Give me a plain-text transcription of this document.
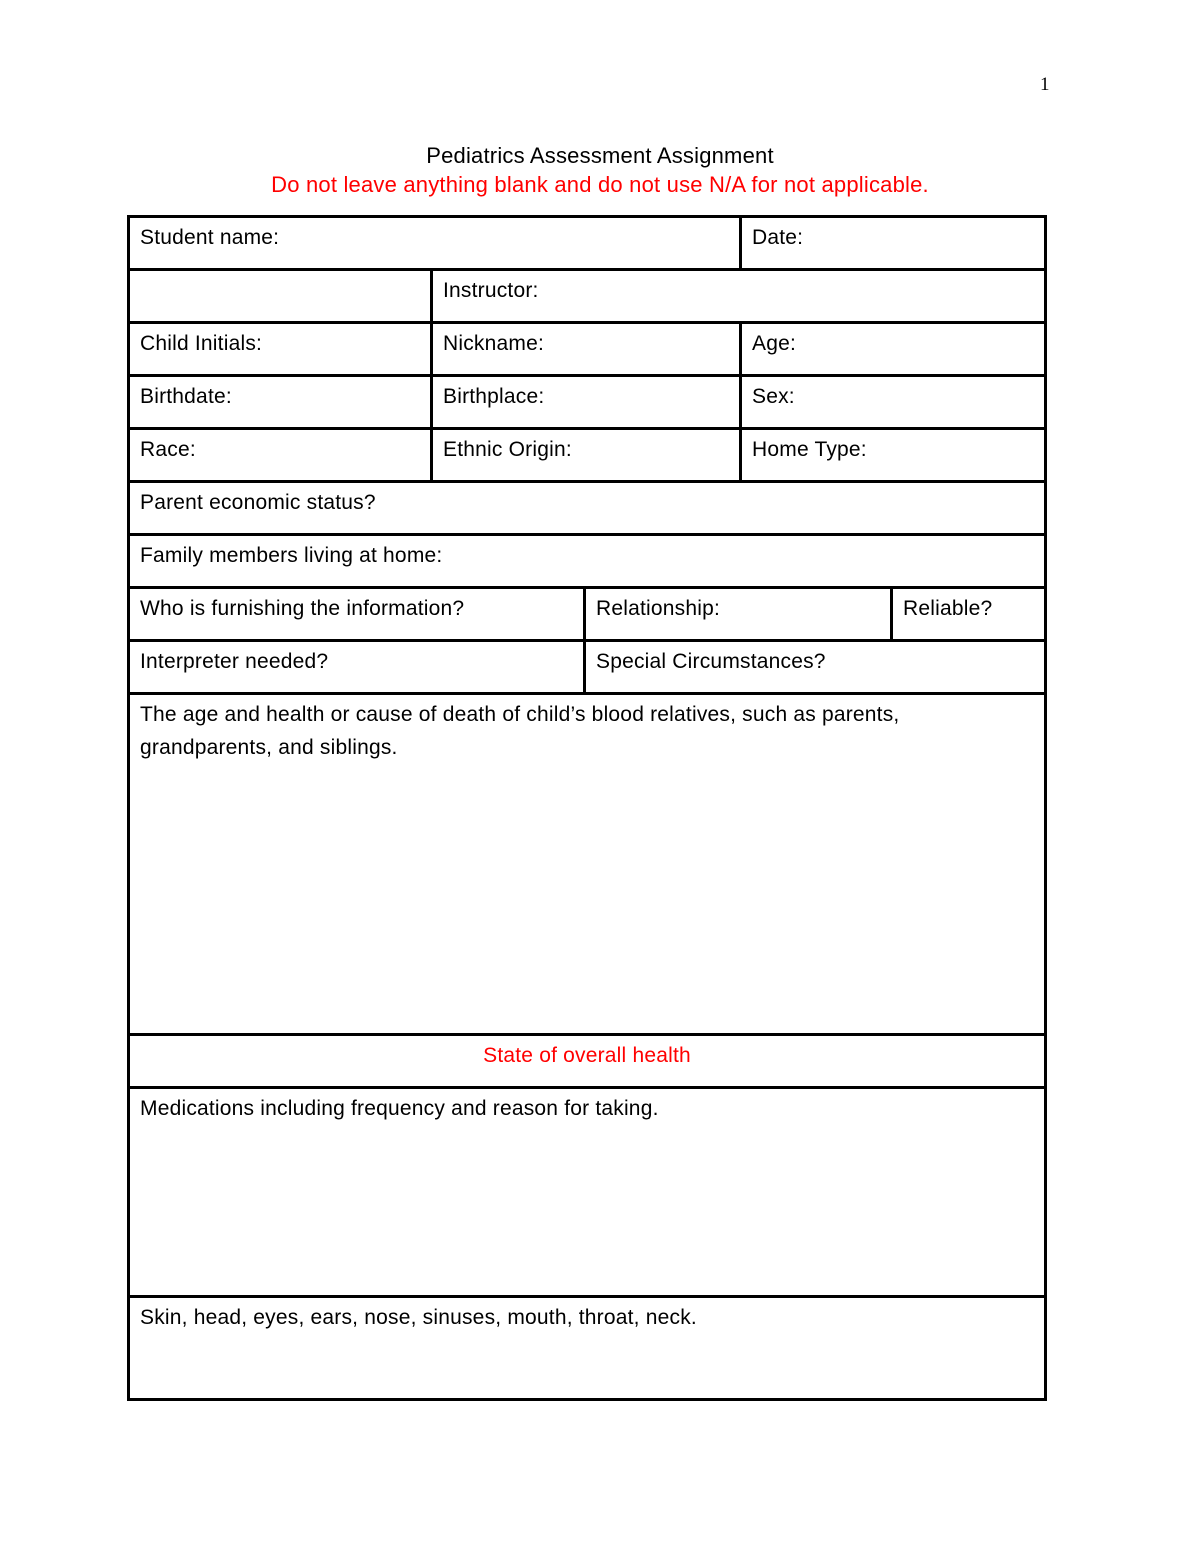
1
Pediatrics Assessment Assignment
Do not leave anything blank and do not use N/A for not applicable.
Student name:	Date:
Instructor:
Child Initials:	Nickname:	Age:
Birthdate:	Birthplace:	Sex:
Race:	Ethnic Origin:	Home Type:
Parent economic status?
Family members living at home:
Who is furnishing the information?	Relationship:	Reliable?
Interpreter needed?	Special Circumstances?
The age and health or cause of death of child’s blood relatives, such as parents, grandparents, and siblings.
State of overall health
Medications including frequency and reason for taking.
Skin, head, eyes, ears, nose, sinuses, mouth, throat, neck.
